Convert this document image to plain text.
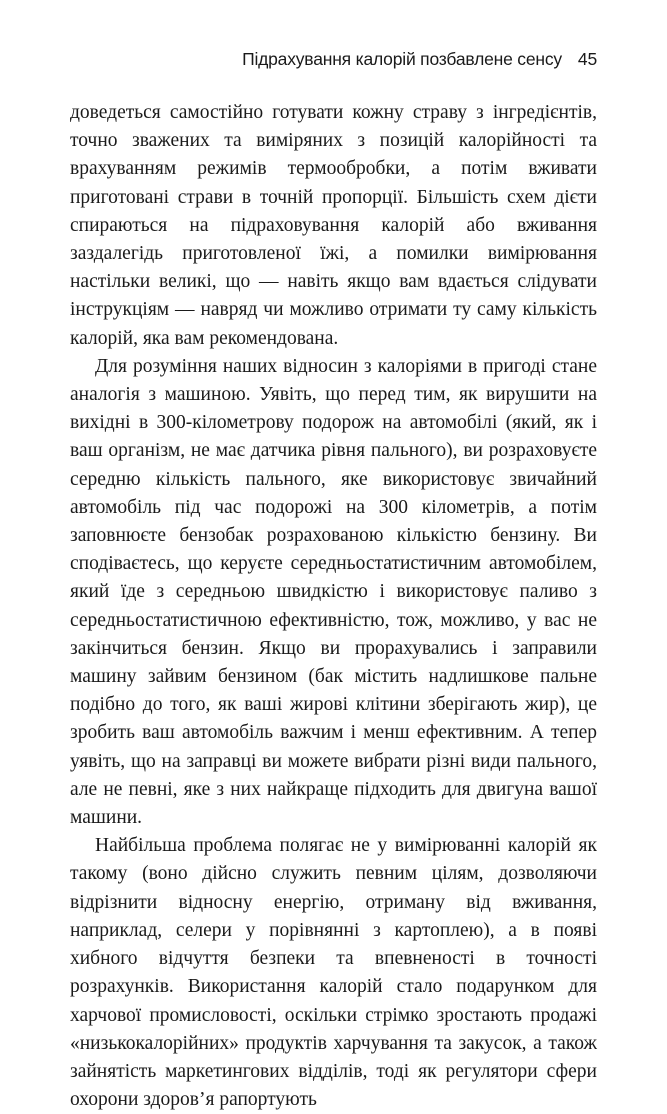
Підрахування калорій позбавлене сенсу 45

доведеться самостійно готувати кожну страву з інгредієнтів, точно зважених та виміряних з позицій калорійності та врахуванням режимів термообробки, а потім вживати приготовані страви в точній пропорції. Більшість схем дієти спираються на підраховування калорій або вживання заздалегідь приготовленої їжі, а помилки вимірювання настільки великі, що — навіть якщо вам вдається слідувати інструкціям — навряд чи можливо отримати ту саму кількість калорій, яка вам рекомендована.

Для розуміння наших відносин з калоріями в пригоді стане аналогія з машиною. Уявіть, що перед тим, як вирушити на вихідні в 300-кілометрову подорож на автомобілі (який, як і ваш організм, не має датчика рівня пального), ви розраховуєте середню кількість пального, яке використовує звичайний автомобіль під час подорожі на 300 кілометрів, а потім заповнюєте бензобак розрахованою кількістю бензину. Ви сподіваєтесь, що керуєте середньостатистичним автомобілем, який їде з середньою швидкістю і використовує паливо з середньостатистичною ефективністю, тож, можливо, у вас не закінчиться бензин. Якщо ви прорахувались і заправили машину зайвим бензином (бак містить надлишкове пальне подібно до того, як ваші жирові клітини зберігають жир), це зробить ваш автомобіль важчим і менш ефективним. А тепер уявіть, що на заправці ви можете вибрати різні види пального, але не певні, яке з них найкраще підходить для двигуна вашої машини.

Найбільша проблема полягає не у вимірюванні калорій як такому (воно дійсно служить певним цілям, дозволяючи відрізнити відносну енергію, отриману від вживання, наприклад, селери у порівнянні з картоплею), а в появі хибного відчуття безпеки та впевненості в точності розрахунків. Використання калорій стало подарунком для харчової промисловості, оскільки стрімко зростають продажі «низькокалорійних» продуктів харчування та закусок, а також зайнятість маркетингових відділів, тоді як регулятори сфери охорони здоров’я рапортують
